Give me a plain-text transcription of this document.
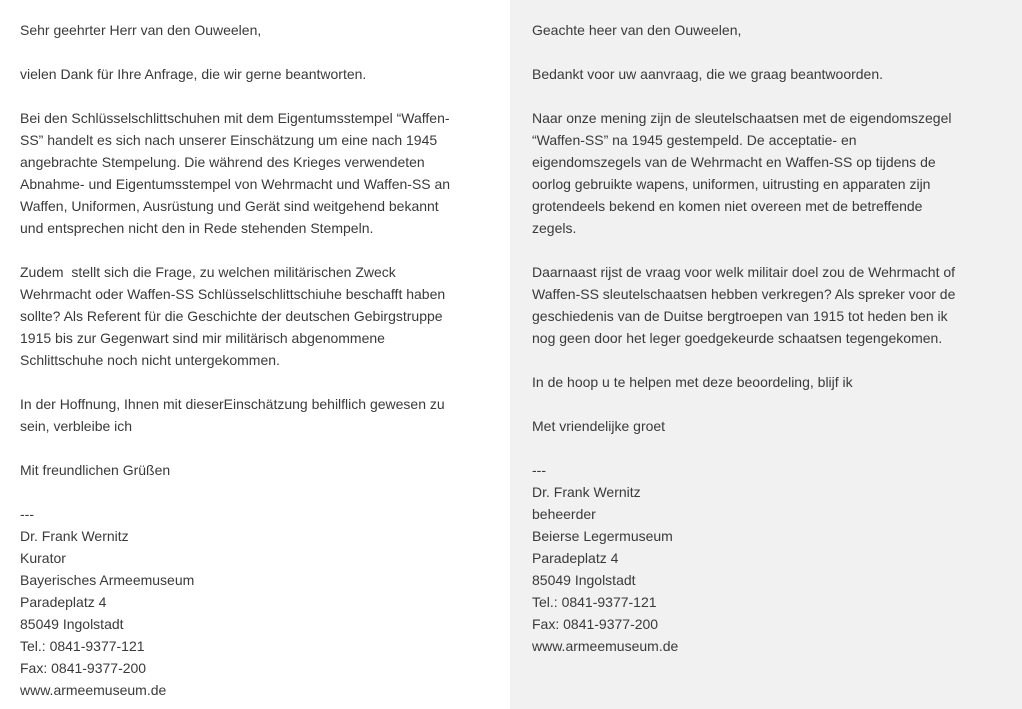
Sehr geehrter Herr van den Ouweelen,

vielen Dank für Ihre Anfrage, die wir gerne beantworten.

Bei den Schlüsselschlittschuhen mit dem Eigentumsstempel “Waffen-
SS” handelt es sich nach unserer Einschätzung um eine nach 1945
angebrachte Stempelung. Die während des Krieges verwendeten
Abnahme- und Eigentumsstempel von Wehrmacht und Waffen-SS an
Waffen, Uniformen, Ausrüstung und Gerät sind weitgehend bekannt
und entsprechen nicht den in Rede stehenden Stempeln.

Zudem  stellt sich die Frage, zu welchen militärischen Zweck
Wehrmacht oder Waffen-SS Schlüsselschlittschiuhe beschafft haben
sollte? Als Referent für die Geschichte der deutschen Gebirgstruppe
1915 bis zur Gegenwart sind mir militärisch abgenommene
Schlittschuhe noch nicht untergekommen.

In der Hoffnung, Ihnen mit dieserEinschätzung behilflich gewesen zu
sein, verbleibe ich

Mit freundlichen Grüßen

---

Dr. Frank Wernitz

Kurator

Bayerisches Armeemuseum

Paradeplatz 4

85049 Ingolstadt

Tel.: 0841-9377-121

Fax: 0841-9377-200

www.armeemuseum.de

Geachte heer van den Ouweelen,

Bedankt voor uw aanvraag, die we graag beantwoorden.

Naar onze mening zijn de sleutelschaatsen met de eigendomszegel
“Waffen-SS” na 1945 gestempeld. De acceptatie- en
eigendomszegels van de Wehrmacht en Waffen-SS op tijdens de
oorlog gebruikte wapens, uniformen, uitrusting en apparaten zijn
grotendeels bekend en komen niet overeen met de betreffende
zegels.

Daarnaast rijst de vraag voor welk militair doel zou de Wehrmacht of
Waffen-SS sleutelschaatsen hebben verkregen? Als spreker voor de
geschiedenis van de Duitse bergtroepen van 1915 tot heden ben ik
nog geen door het leger goedgekeurde schaatsen tegengekomen.

In de hoop u te helpen met deze beoordeling, blijf ik

Met vriendelijke groet

---

Dr. Frank Wernitz

beheerder

Beierse Legermuseum

Paradeplatz 4

85049 Ingolstadt

Tel.: 0841-9377-121

Fax: 0841-9377-200

www.armeemuseum.de
